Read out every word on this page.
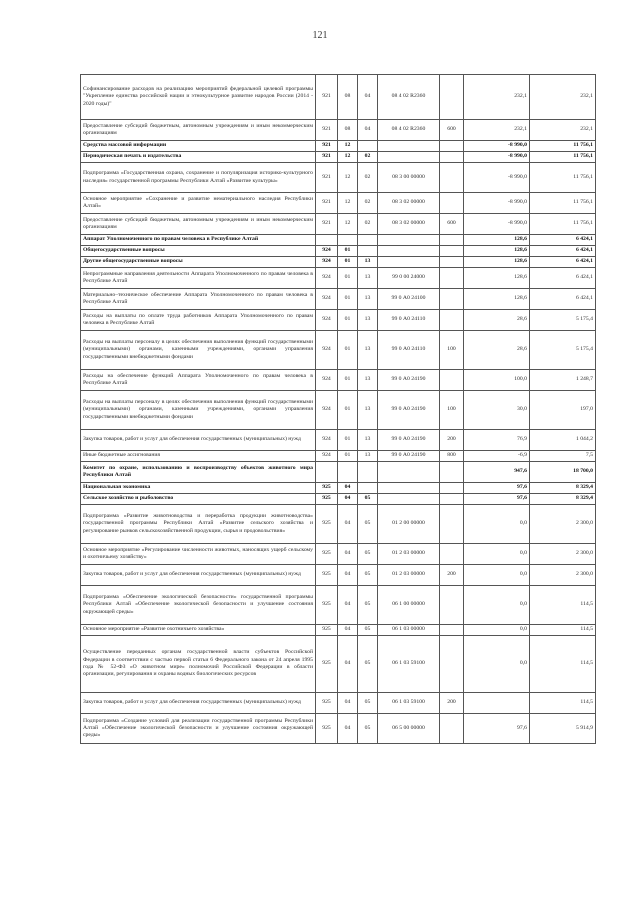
121
Софинансирование расходов на реализацию мероприятий федеральной целевой программы "Укрепление единства российской нации и этнокультурное развитие народов России (2014 - 2020 годы)"	921	08	04	08 4 02 R2360		232,1	232,1
Предоставление субсидий бюджетным, автономным учреждениям и иным некоммерческим организациям	921	08	04	08 4 02 R2360	600	232,1	232,1
Средства массовой информации	921	12				-8 990,0	11 756,1
Периодическая печать и издательства	921	12	02			-8 990,0	11 756,1
Подпрограмма «Государственная охрана, сохранение и популяризация историко-культурного наследия» государственной программы Республики Алтай «Развитие культуры»	921	12	02	08 3 00 00000		-8 990,0	11 756,1
Основное мероприятие «Сохранение и развитие нематериального наследия Республики Алтай»	921	12	02	08 3 02 00000		-8 990,0	11 756,1
Предоставление субсидий бюджетным, автономным учреждениям и иным некоммерческим организациям	921	12	02	08 3 02 00000	600	-8 990,0	11 756,1
Аппарат Уполномоченного по правам человека в Республике Алтай						128,6	6 424,1
Общегосударственные вопросы	924	01				128,6	6 424,1
Другие общегосударственные вопросы	924	01	13			128,6	6 424,1
Непрограммные направления деятельности Аппарата Уполномоченного по правам человека в Республике Алтай	924	01	13	99 0 00 24000		128,6	6 424,1
Материально–техническое обеспечение Аппарата Уполномоченного по правам человека в Республике Алтай	924	01	13	99 0 А0 24100		128,6	6 424,1
Расходы на выплаты по оплате труда работников Аппарата Уполномоченного по правам человека в Республике Алтай	924	01	13	99 0 А0 24110		28,6	5 175,4
Расходы на выплаты персоналу в целях обеспечения выполнения функций государственными (муниципальными) органами, казенными учреждениями, органами управления государственными внебюджетными фондами	924	01	13	99 0 А0 24110	100	28,6	5 175,4
Расходы на обеспечение функций Аппарата Уполномоченного по правам человека в Республике Алтай	924	01	13	99 0 А0 24190		100,0	1 248,7
Расходы на выплаты персоналу в целях обеспечения выполнения функций государственными (муниципальными) органами, казенными учреждениями, органами управления государственными внебюджетными фондами	924	01	13	99 0 А0 24190	100	30,0	197,0
Закупка товаров, работ и услуг для обеспечения государственных (муниципальных) нужд	924	01	13	99 0 А0 24190	200	76,9	1 044,2
Иные бюджетные ассигнования	924	01	13	99 0 А0 24190	800	-6,9	7,5
Комитет по охране, использованию и воспроизводству объектов животного мира Республики Алтай						947,6	18 700,0
Национальная экономика	925	04				97,6	8 329,4
Сельское хозяйство и рыболовство	925	04	05			97,6	8 329,4
Подпрограмма «Развитие животноводства и переработка продукции животноводства» государственной программы Республики Алтай «Развитие сельского хозяйства и регулирование рынков сельскохозяйственной продукции, сырья и продовольствия»	925	04	05	01 2 00 00000		0,0	2 300,0
Основное мероприятие «Регулирование численности животных, наносящих ущерб сельскому и охотничьему хозяйству»	925	04	05	01 2 03 00000		0,0	2 300,0
Закупка товаров, работ и услуг для обеспечения государственных (муниципальных) нужд	925	04	05	01 2 03 00000	200	0,0	2 300,0
Подпрограмма «Обеспечение экологической безопасности» государственной программы Республики Алтай «Обеспечение экологической безопасности и улучшение состояния окружающей среды»	925	04	05	06 1 00 00000		0,0	114,5
Основное мероприятие «Развитие охотничьего хозяйства»	925	04	05	06 1 03 00000		0,0	114,5
Осуществление переданных органам государственной власти субъектов Российской Федерации в соответствии с частью первой статьи 6 Федерального закона от 24 апреля 1995 года № 52-ФЗ «О животном мире» полномочий Российской Федерации в области организации, регулирования и охраны водных биологических ресурсов	925	04	05	06 1 03 59100		0,0	114,5
Закупка товаров, работ и услуг для обеспечения государственных (муниципальных) нужд	925	04	05	06 1 03 59100	200		114,5
Подпрограмма «Создание условий для реализации государственной программы Республики Алтай «Обеспечение экологической безопасности и улучшение состояния окружающей среды»	925	04	05	06 5 00 00000		97,6	5 914,9
